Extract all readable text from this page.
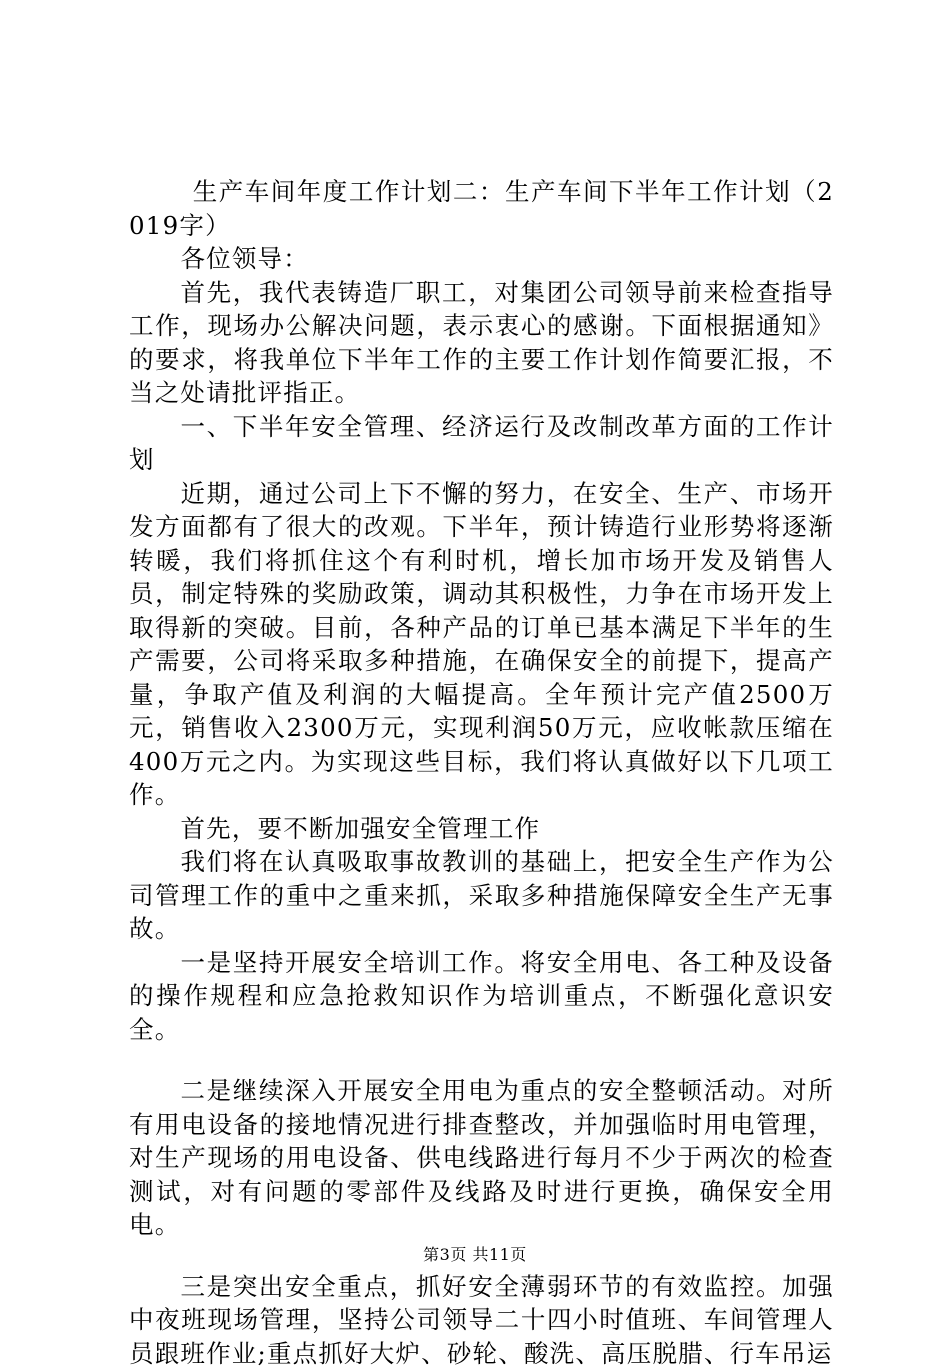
生产车间年度工作计划二：生产车间下半年工作计划（2019字）

各位领导：

首先，我代表铸造厂职工，对集团公司领导前来检查指导工作，现场办公解决问题，表示衷心的感谢。下面根据通知》的要求，将我单位下半年工作的主要工作计划作简要汇报，不当之处请批评指正。

一、下半年安全管理、经济运行及改制改革方面的工作计划

近期，通过公司上下不懈的努力，在安全、生产、市场开发方面都有了很大的改观。下半年，预计铸造行业形势将逐渐转暖，我们将抓住这个有利时机，增长加市场开发及销售人员，制定特殊的奖励政策，调动其积极性，力争在市场开发上取得新的突破。目前，各种产品的订单已基本满足下半年的生产需要，公司将采取多种措施，在确保安全的前提下，提高产量，争取产值及利润的大幅提高。全年预计完产值2500万元，销售收入2300万元，实现利润50万元，应收帐款压缩在400万元之内。为实现这些目标，我们将认真做好以下几项工作。

首先，要不断加强安全管理工作

我们将在认真吸取事故教训的基础上，把安全生产作为公司管理工作的重中之重来抓，采取多种措施保障安全生产无事故。

一是坚持开展安全培训工作。将安全用电、各工种及设备的操作规程和应急抢救知识作为培训重点，不断强化意识安全。

二是继续深入开展安全用电为重点的安全整顿活动。对所有用电设备的接地情况进行排查整改，并加强临时用电管理，对生产现场的用电设备、供电线路进行每月不少于两次的检查测试，对有问题的零部件及线路及时进行更换，确保安全用电。

三是突出安全重点，抓好安全薄弱环节的有效监控。加强中夜班现场管理，坚持公司领导二十四小时值班、车间管理人员跟班作业;重点抓好大炉、砂轮、酸洗、高压脱腊、行车吊运

第3页 共11页
